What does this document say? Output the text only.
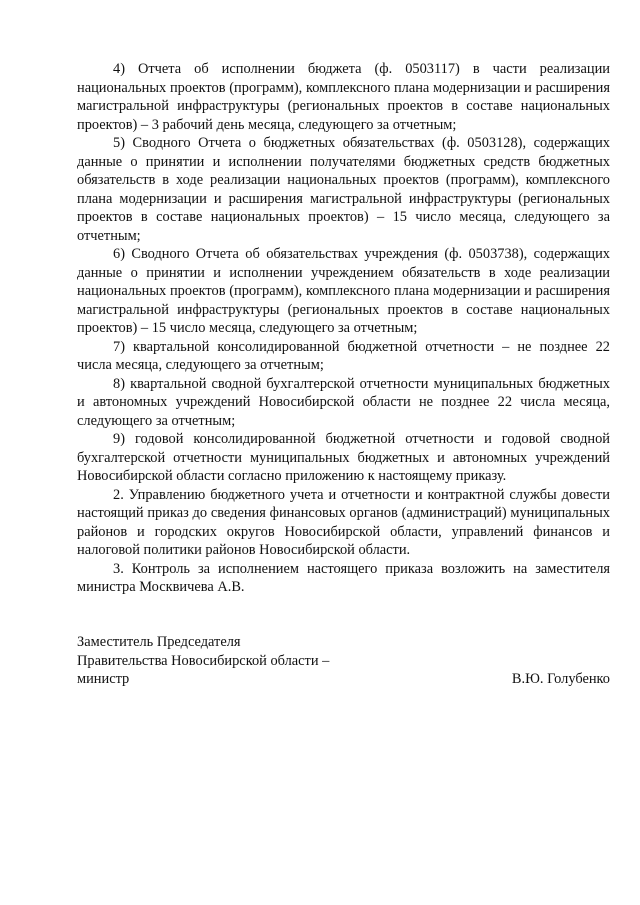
4) Отчета об исполнении бюджета (ф. 0503117) в части реализации национальных проектов (программ), комплексного плана модернизации и расширения магистральной инфраструктуры (региональных проектов в составе национальных проектов) – 3 рабочий день месяца, следующего за отчетным;

5) Сводного Отчета о бюджетных обязательствах (ф. 0503128), содержащих данные о принятии и исполнении получателями бюджетных средств бюджетных обязательств в ходе реализации национальных проектов (программ), комплексного плана модернизации и расширения магистральной инфраструктуры (региональных проектов в составе национальных проектов) – 15 число месяца, следующего за отчетным;

6) Сводного Отчета об обязательствах учреждения (ф. 0503738), содержащих данные о принятии и исполнении учреждением обязательств в ходе реализации национальных проектов (программ), комплексного плана модернизации и расширения магистральной инфраструктуры (региональных проектов в составе национальных проектов) – 15 число месяца, следующего за отчетным;

7) квартальной консолидированной бюджетной отчетности – не позднее 22 числа месяца, следующего за отчетным;

8) квартальной сводной бухгалтерской отчетности муниципальных бюджетных и автономных учреждений Новосибирской области не позднее 22 числа месяца, следующего за отчетным;

9) годовой консолидированной бюджетной отчетности и годовой сводной бухгалтерской отчетности муниципальных бюджетных и автономных учреждений Новосибирской области согласно приложению к настоящему приказу.

2. Управлению бюджетного учета и отчетности и контрактной службы довести настоящий приказ до сведения финансовых органов (администраций) муниципальных районов и городских округов Новосибирской области, управлений финансов и налоговой политики районов Новосибирской области.

3. Контроль за исполнением настоящего приказа возложить на заместителя министра Москвичева А.В.

Заместитель Председателя
Правительства Новосибирской области –
министр	В.Ю. Голубенко
